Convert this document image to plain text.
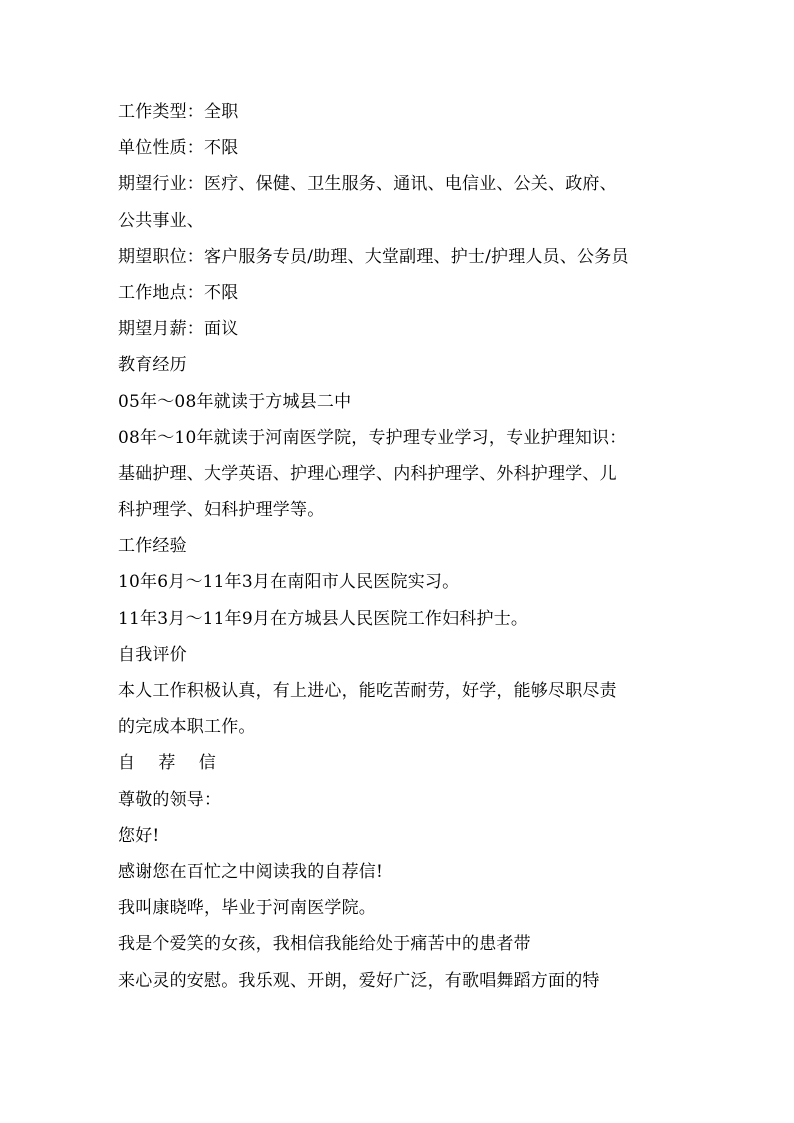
工作类型：全职
单位性质：不限
期望行业：医疗、保健、卫生服务、通讯、电信业、公关、政府、
公共事业、
期望职位：客户服务专员/助理、大堂副理、护士/护理人员、公务员
工作地点：不限
期望月薪：面议
教育经历
05年～08年就读于方城县二中
08年～10年就读于河南医学院，专护理专业学习，专业护理知识：
基础护理、大学英语、护理心理学、内科护理学、外科护理学、儿
科护理学、妇科护理学等。
工作经验
10年6月～11年3月在南阳市人民医院实习。
11年3月～11年9月在方城县人民医院工作妇科护士。
自我评价
本人工作积极认真，有上进心，能吃苦耐劳，好学，能够尽职尽责
的完成本职工作。
自 荐 信
尊敬的领导：
您好!
感谢您在百忙之中阅读我的自荐信!
我叫康晓哗，毕业于河南医学院。
我是个爱笑的女孩，我相信我能给处于痛苦中的患者带
来心灵的安慰。我乐观、开朗，爱好广泛，有歌唱舞蹈方面的特
